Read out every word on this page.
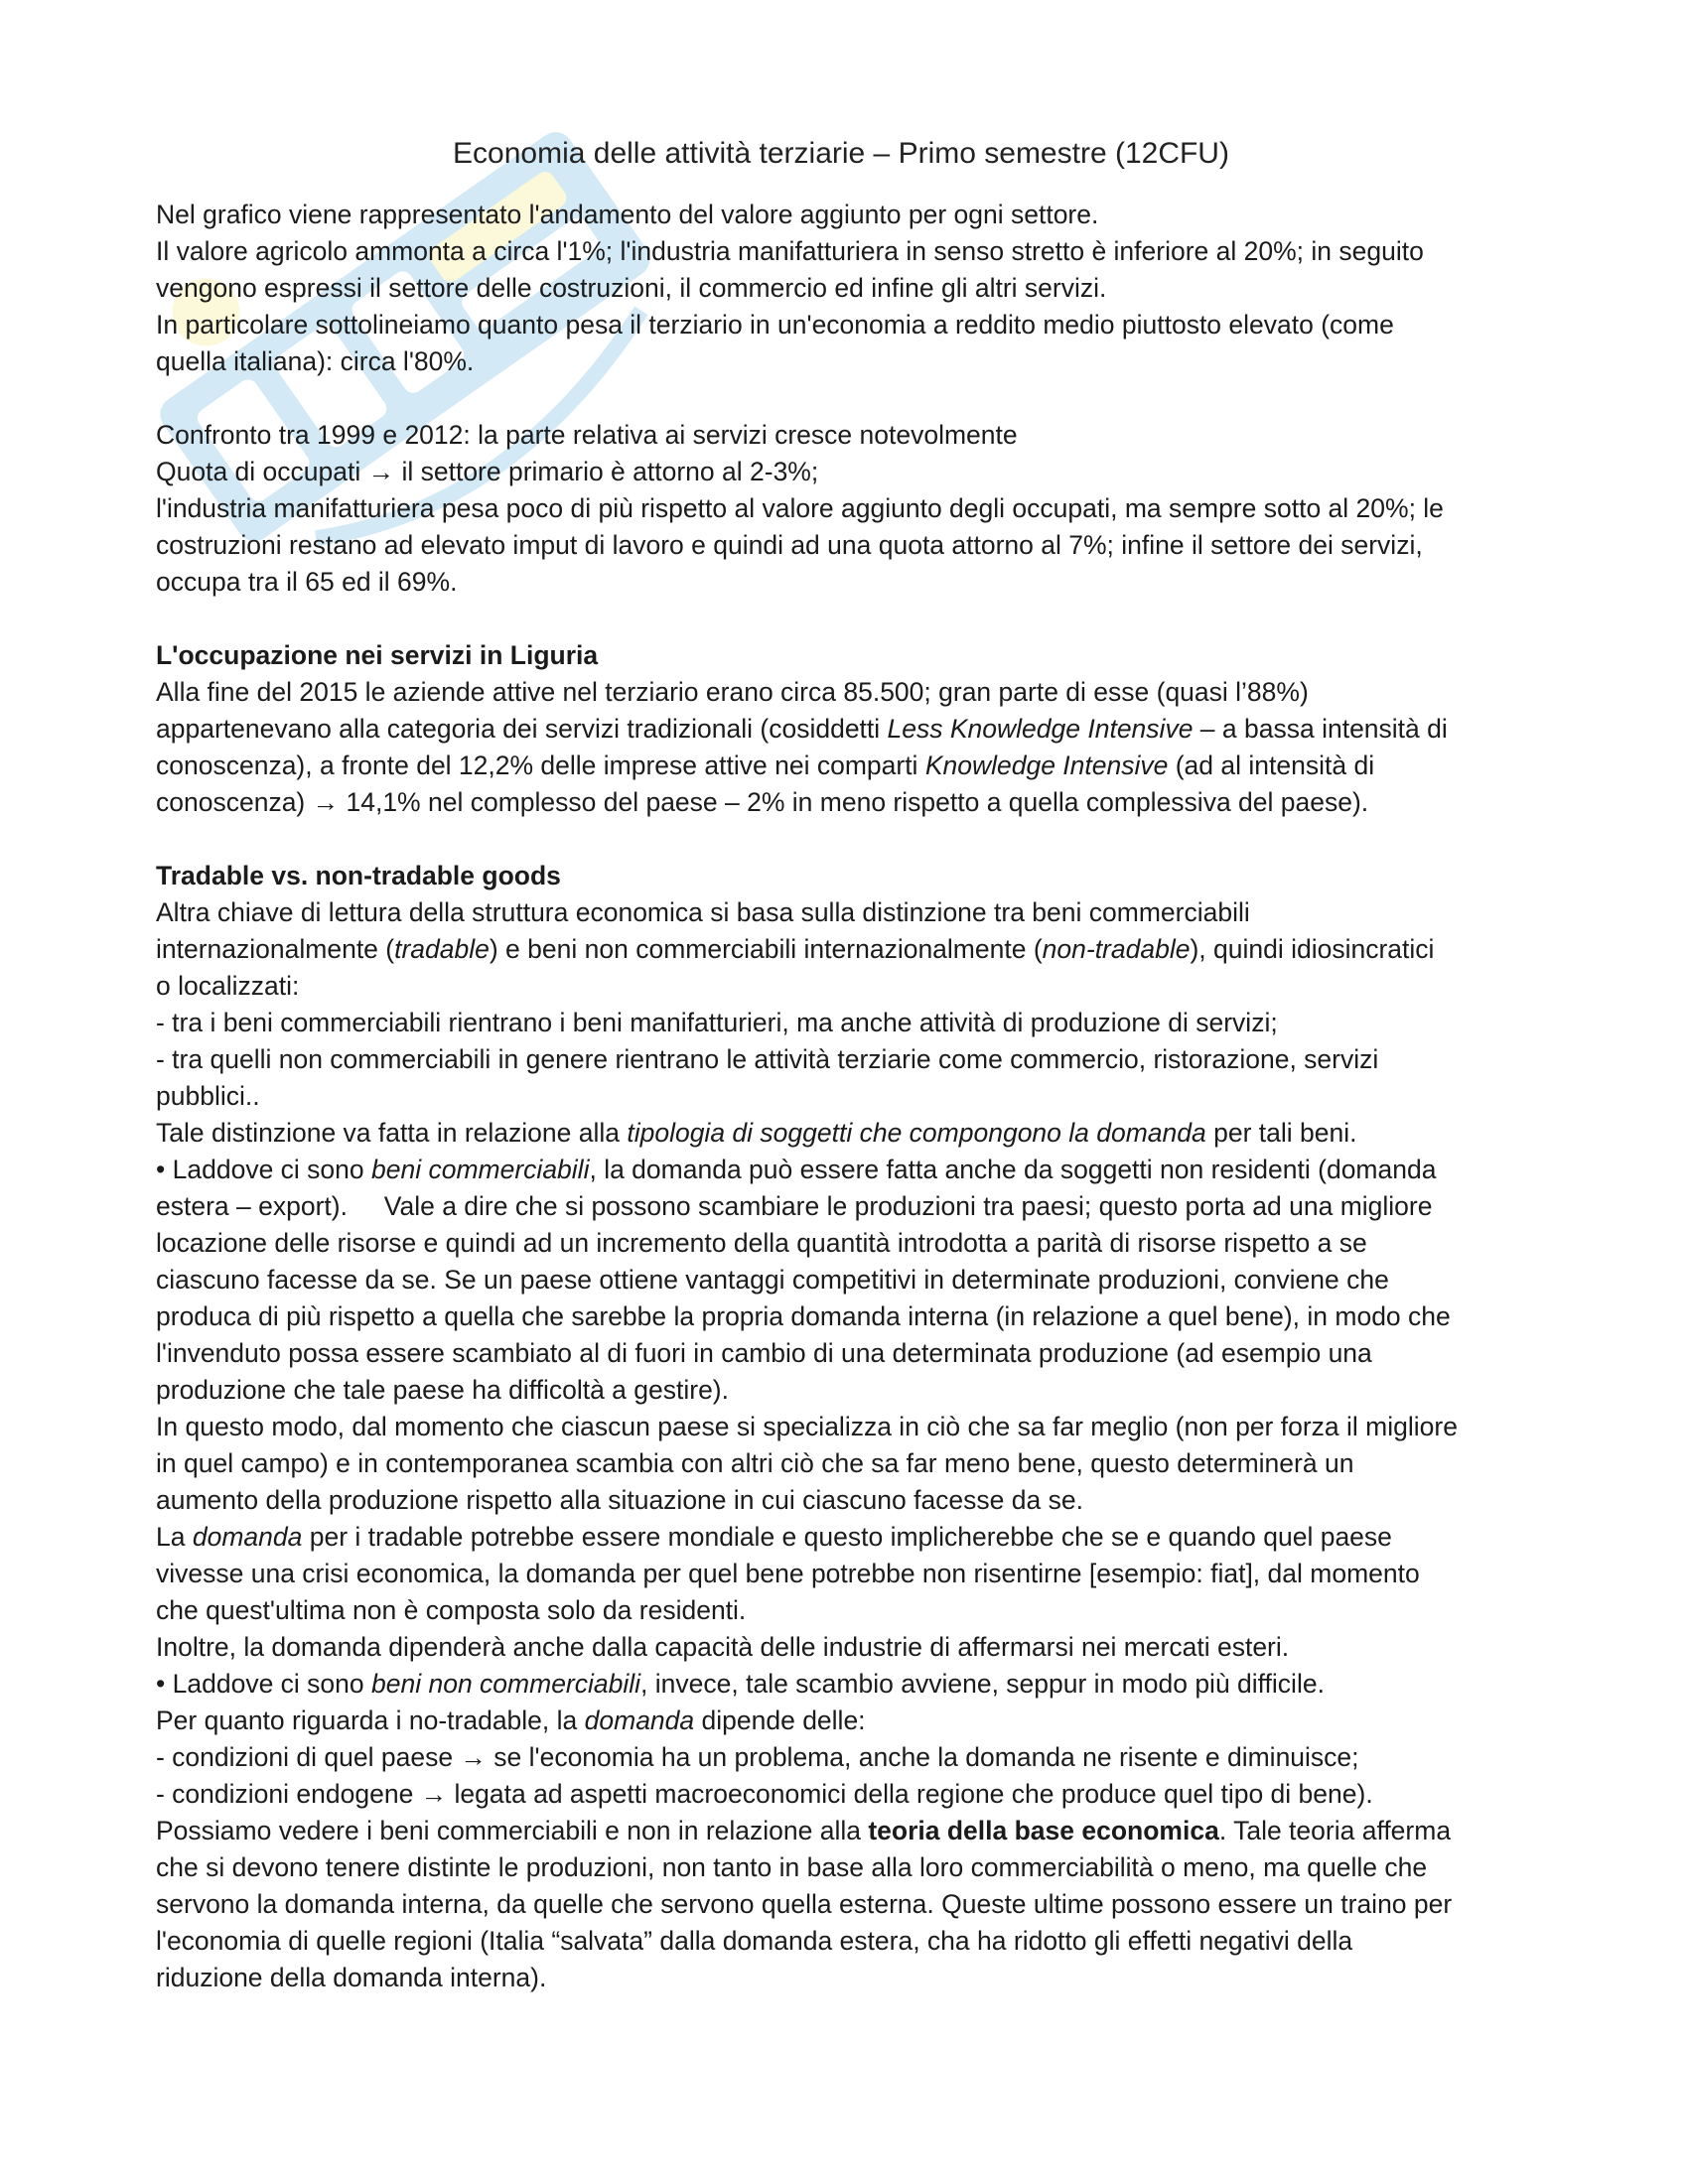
Economia delle attività terziarie – Primo semestre (12CFU)
Nel grafico viene rappresentato l'andamento del valore aggiunto per ogni settore.
Il valore agricolo ammonta a circa l'1%; l'industria manifatturiera in senso stretto è inferiore al 20%; in seguito
vengono espressi il settore delle costruzioni, il commercio ed infine gli altri servizi.
In particolare sottolineiamo quanto pesa il terziario in un'economia a reddito medio piuttosto elevato (come
quella italiana): circa l'80%.
Confronto tra 1999 e 2012: la parte relativa ai servizi cresce notevolmente
Quota di occupati → il settore primario è attorno al 2-3%;
l'industria manifatturiera pesa poco di più rispetto al valore aggiunto degli occupati, ma sempre sotto al 20%; le
costruzioni restano ad elevato imput di lavoro e quindi ad una quota attorno al 7%; infine il settore dei servizi,
occupa tra il 65 ed il 69%.
L'occupazione nei servizi in Liguria
Alla fine del 2015 le aziende attive nel terziario erano circa 85.500; gran parte di esse (quasi l’88%)
appartenevano alla categoria dei servizi tradizionali (cosiddetti Less Knowledge Intensive – a bassa intensità di
conoscenza), a fronte del 12,2% delle imprese attive nei comparti Knowledge Intensive (ad al intensità di
conoscenza) → 14,1% nel complesso del paese – 2% in meno rispetto a quella complessiva del paese).
Tradable vs. non-tradable goods
Altra chiave di lettura della struttura economica si basa sulla distinzione tra beni commerciabili
internazionalmente (tradable) e beni non commerciabili internazionalmente (non-tradable), quindi idiosincratici
o localizzati:
- tra i beni commerciabili rientrano i beni manifatturieri, ma anche attività di produzione di servizi;
- tra quelli non commerciabili in genere rientrano le attività terziarie come commercio, ristorazione, servizi
pubblici..
Tale distinzione va fatta in relazione alla tipologia di soggetti che compongono la domanda per tali beni.
• Laddove ci sono beni commerciabili, la domanda può essere fatta anche da soggetti non residenti (domanda
estera – export).     Vale a dire che si possono scambiare le produzioni tra paesi; questo porta ad una migliore
locazione delle risorse e quindi ad un incremento della quantità introdotta a parità di risorse rispetto a se
ciascuno facesse da se. Se un paese ottiene vantaggi competitivi in determinate produzioni, conviene che
produca di più rispetto a quella che sarebbe la propria domanda interna (in relazione a quel bene), in modo che
l'invenduto possa essere scambiato al di fuori in cambio di una determinata produzione (ad esempio una
produzione che tale paese ha difficoltà a gestire).
In questo modo, dal momento che ciascun paese si specializza in ciò che sa far meglio (non per forza il migliore
in quel campo) e in contemporanea scambia con altri ciò che sa far meno bene, questo determinerà un
aumento della produzione rispetto alla situazione in cui ciascuno facesse da se.
La domanda per i tradable potrebbe essere mondiale e questo implicherebbe che se e quando quel paese
vivesse una crisi economica, la domanda per quel bene potrebbe non risentirne [esempio: fiat], dal momento
che quest'ultima non è composta solo da residenti.
Inoltre, la domanda dipenderà anche dalla capacità delle industrie di affermarsi nei mercati esteri.
• Laddove ci sono beni non commerciabili, invece, tale scambio avviene, seppur in modo più difficile.
Per quanto riguarda i no-tradable, la domanda dipende delle:
- condizioni di quel paese → se l'economia ha un problema, anche la domanda ne risente e diminuisce;
- condizioni endogene → legata ad aspetti macroeconomici della regione che produce quel tipo di bene).
Possiamo vedere i beni commerciabili e non in relazione alla teoria della base economica. Tale teoria afferma
che si devono tenere distinte le produzioni, non tanto in base alla loro commerciabilità o meno, ma quelle che
servono la domanda interna, da quelle che servono quella esterna. Queste ultime possono essere un traino per
l'economia di quelle regioni (Italia “salvata” dalla domanda estera, cha ha ridotto gli effetti negativi della
riduzione della domanda interna).
